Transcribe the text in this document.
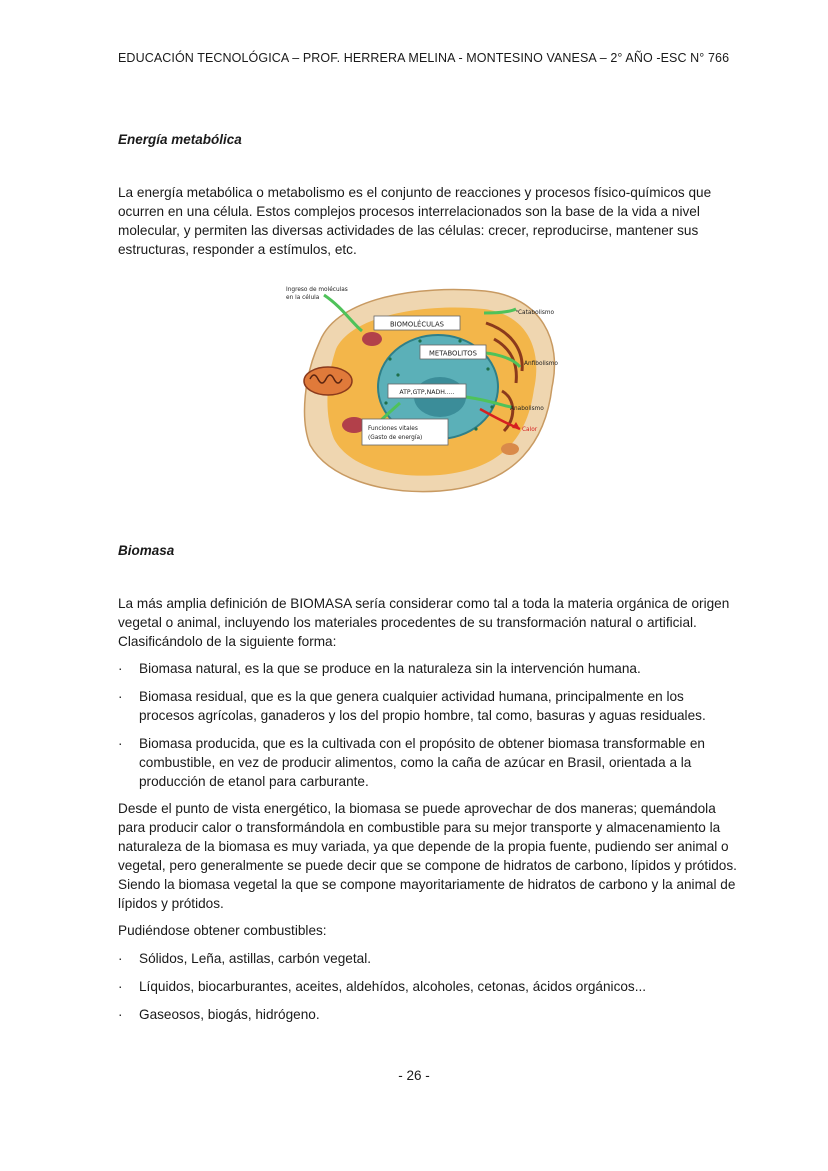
EDUCACIÓN TECNOLÓGICA – PROF. HERRERA MELINA - MONTESINO VANESA – 2° AÑO -ESC N° 766
Energía metabólica

La energía metabólica o metabolismo es el conjunto de reacciones y procesos físico-químicos que ocurren en una célula. Estos complejos procesos interrelacionados son la base de la vida a nivel molecular, y permiten las diversas actividades de las células: crecer, reproducirse, mantener sus estructuras, responder a estímulos, etc.

BIOMOLÉCULAS
METABOLITOS
ATP,GTP,NADH.....
Funciones vitales
(Gasto de energía)
Ingreso de moléculas
en la célula
Catabolismo
Anfibolismo
Anabolismo
Calor
Biomasa

La más amplia definición de BIOMASA sería considerar como tal a toda la materia orgánica de origen vegetal o animal, incluyendo los materiales procedentes de su transformación natural o artificial. Clasificándolo de la siguiente forma:

· Biomasa natural, es la que se produce en la naturaleza sin la intervención humana.
· Biomasa residual, que es la que genera cualquier actividad humana, principalmente en los procesos agrícolas, ganaderos y los del propio hombre, tal como, basuras y aguas residuales.
· Biomasa producida, que es la cultivada con el propósito de obtener biomasa transformable en combustible, en vez de producir alimentos, como la caña de azúcar en Brasil, orientada a la producción de etanol para carburante.

Desde el punto de vista energético, la biomasa se puede aprovechar de dos maneras; quemándola para producir calor o transformándola en combustible para su mejor transporte y almacenamiento la naturaleza de la biomasa es muy variada, ya que depende de la propia fuente, pudiendo ser animal o vegetal, pero generalmente se puede decir que se compone de hidratos de carbono, lípidos y prótidos. Siendo la biomasa vegetal la que se compone mayoritariamente de hidratos de carbono y la animal de lípidos y prótidos.

Pudiéndose obtener combustibles:

· Sólidos, Leña, astillas, carbón vegetal.
· Líquidos, biocarburantes, aceites, aldehídos, alcoholes, cetonas, ácidos orgánicos...
· Gaseosos, biogás, hidrógeno.
- 26 -
